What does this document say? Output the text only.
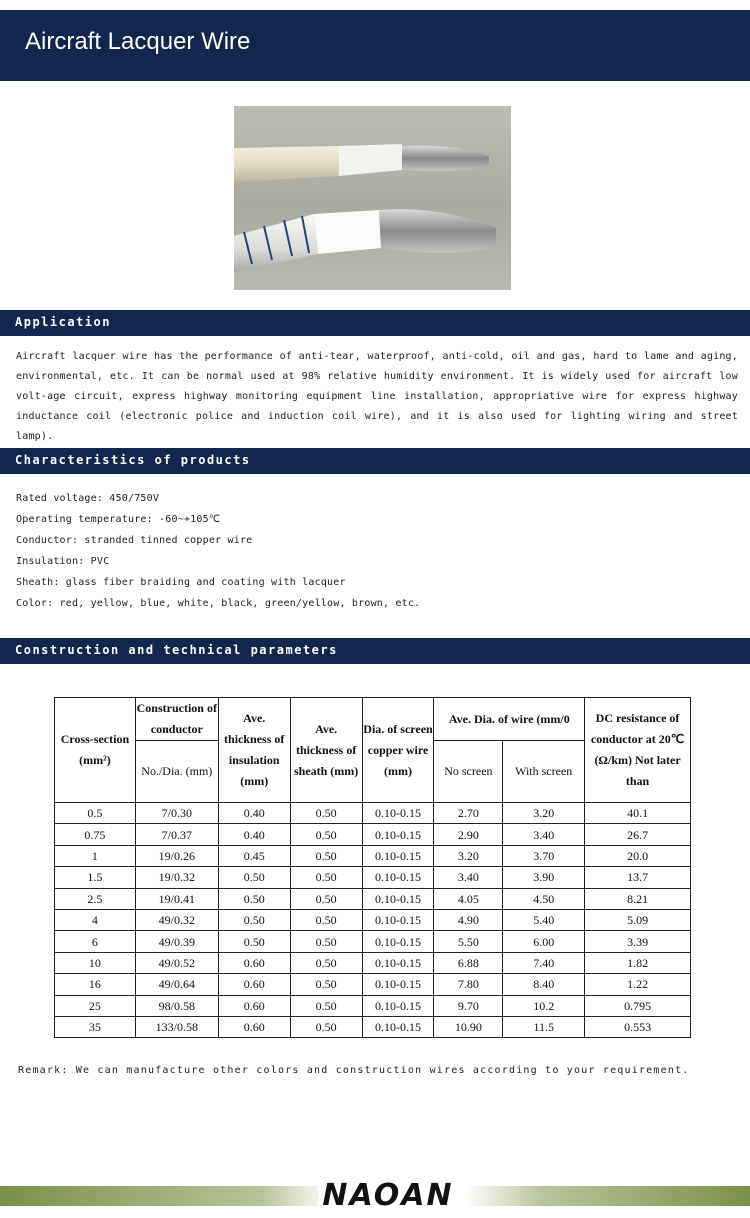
Aircraft Lacquer Wire
Application
Aircraft lacquer wire has the performance of anti-tear, waterproof, anti-cold, oil and gas, hard to lame and aging, environmental, etc. It can be normal used at 98% relative humidity environment. It is widely used for aircraft low volt-age circuit, express highway monitoring equipment line installation, appropriative wire for express highway inductance coil (electronic police and induction coil wire), and it is also used for lighting wiring and street lamp).
Characteristics of products
Rated voltage: 450/750V
Operating temperature: -60~+105℃
Conductor: stranded tinned copper wire
Insulation: PVC
Sheath: glass fiber braiding and coating with lacquer
Color: red, yellow, blue, white, black, green/yellow, brown, etc.
Construction and technical parameters
Cross-section (mm²)	Construction of conductor	Ave. thickness of insulation (mm)	Ave. thickness of sheath (mm)	Dia. of screen copper wire (mm)	Ave. Dia. of wire (mm/0		DC resistance of conductor at 20℃ (Ω/km) Not later than
	No./Dia. (mm)				No screen	With screen	
0.5	7/0.30	0.40	0.50	0.10-0.15	2.70	3.20	40.1
0.75	7/0.37	0.40	0.50	0.10-0.15	2.90	3.40	26.7
1	19/0.26	0.45	0.50	0.10-0.15	3.20	3.70	20.0
1.5	19/0.32	0.50	0.50	0.10-0.15	3.40	3.90	13.7
2.5	19/0.41	0.50	0.50	0.10-0.15	4.05	4.50	8.21
4	49/0.32	0.50	0.50	0.10-0.15	4.90	5.40	5.09
6	49/0.39	0.50	0.50	0.10-0.15	5.50	6.00	3.39
10	49/0.52	0.60	0.50	0.10-0.15	6.88	7.40	1.82
16	49/0.64	0.60	0.50	0.10-0.15	7.80	8.40	1.22
25	98/0.58	0.60	0.50	0.10-0.15	9.70	10.2	0.795
35	133/0.58	0.60	0.50	0.10-0.15	10.90	11.5	0.553
Remark: We can manufacture other colors and construction wires according to your requirement.
NAOAN
